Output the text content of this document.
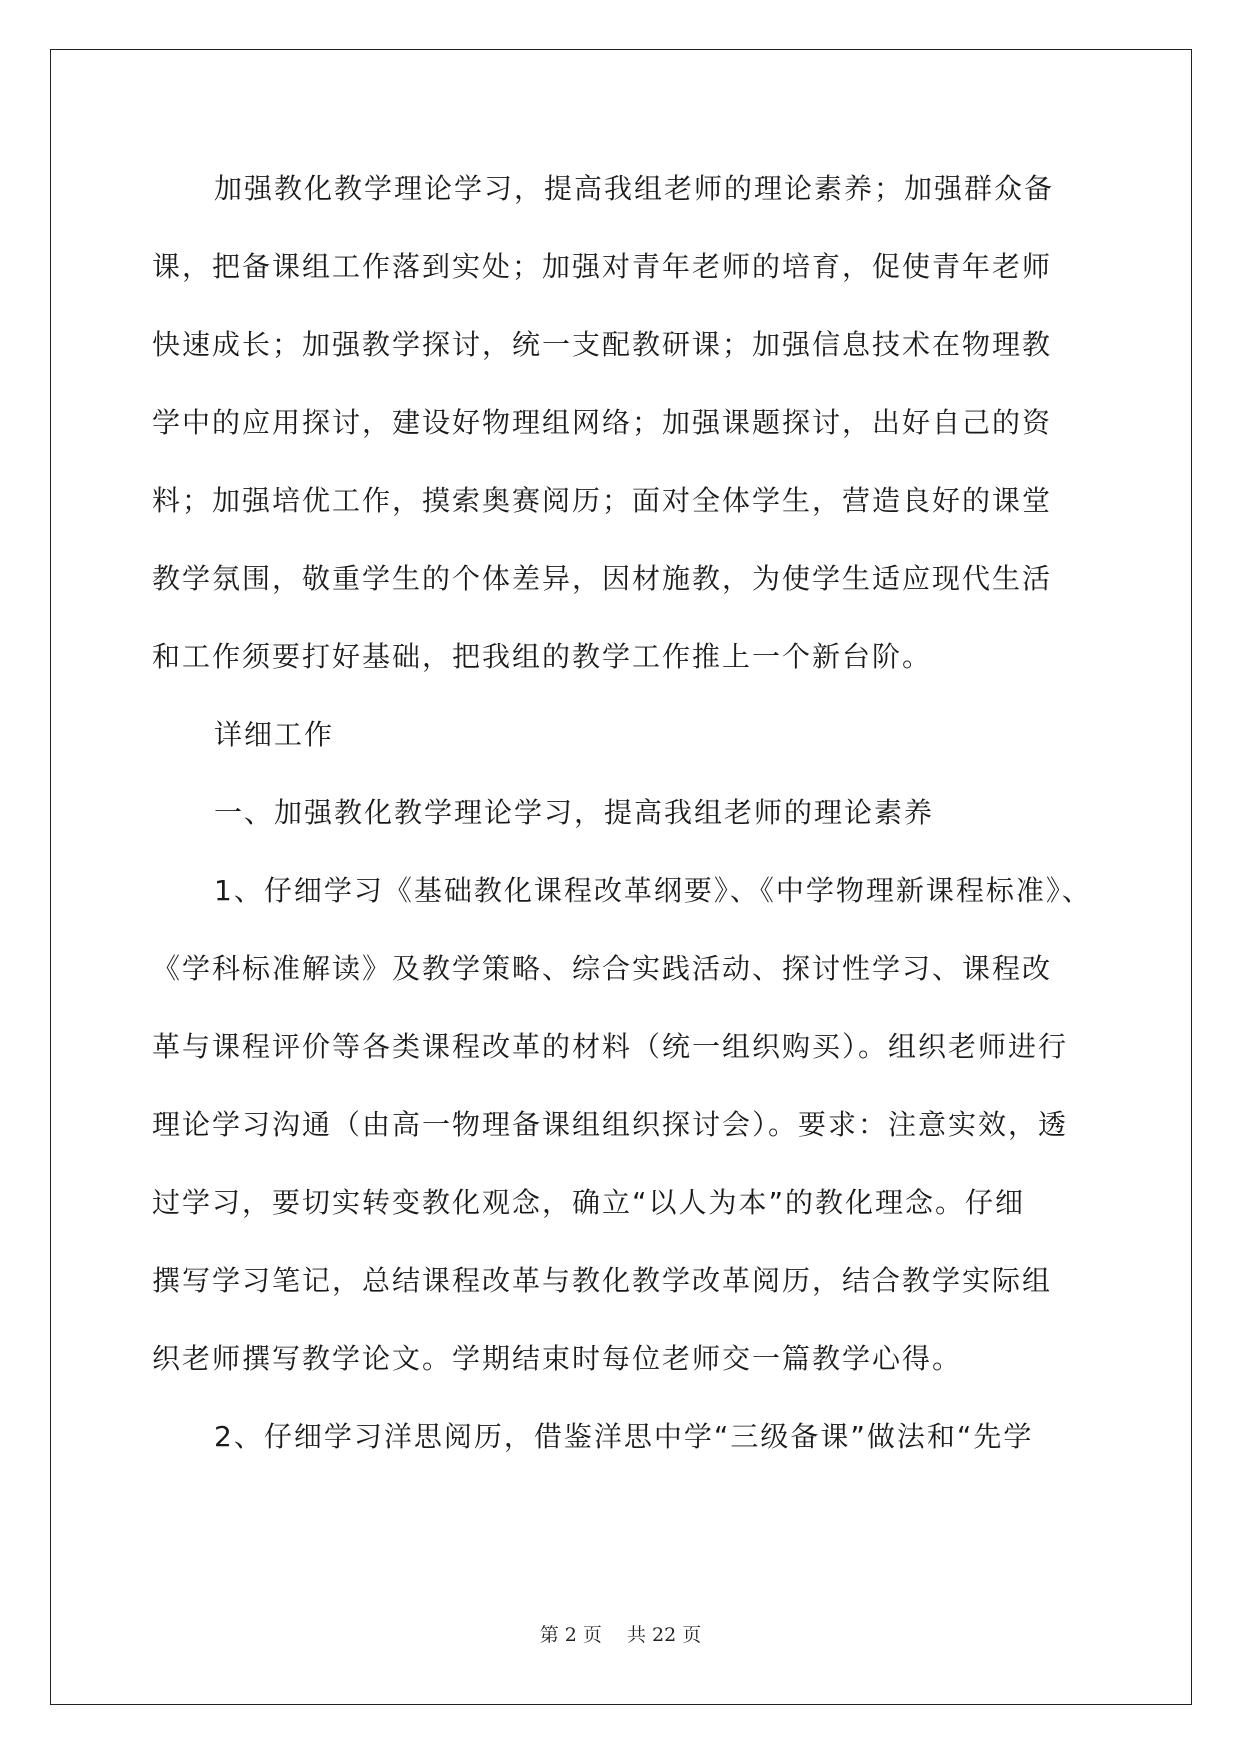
加强教化教学理论学习，提高我组老师的理论素养；加强群众备
课，把备课组工作落到实处；加强对青年老师的培育，促使青年老师
快速成长；加强教学探讨，统一支配教研课；加强信息技术在物理教
学中的应用探讨，建设好物理组网络；加强课题探讨，出好自己的资
料；加强培优工作，摸索奥赛阅历；面对全体学生，营造良好的课堂
教学氛围，敬重学生的个体差异，因材施教，为使学生适应现代生活
和工作须要打好基础，把我组的教学工作推上一个新台阶。
详细工作
一、加强教化教学理论学习，提高我组老师的理论素养
1、仔细学习《基础教化课程改革纲要》、《中学物理新课程标准》、
《学科标准解读》及教学策略、综合实践活动、探讨性学习、课程改
革与课程评价等各类课程改革的材料（统一组织购买）。组织老师进行
理论学习沟通（由高一物理备课组组织探讨会）。要求：注意实效，透
过学习，要切实转变教化观念，确立“以人为本”的教化理念。仔细
撰写学习笔记，总结课程改革与教化教学改革阅历，结合教学实际组
织老师撰写教学论文。学期结束时每位老师交一篇教学心得。
2、仔细学习洋思阅历，借鉴洋思中学“三级备课”做法和“先学
第 2 页　 共 22 页
